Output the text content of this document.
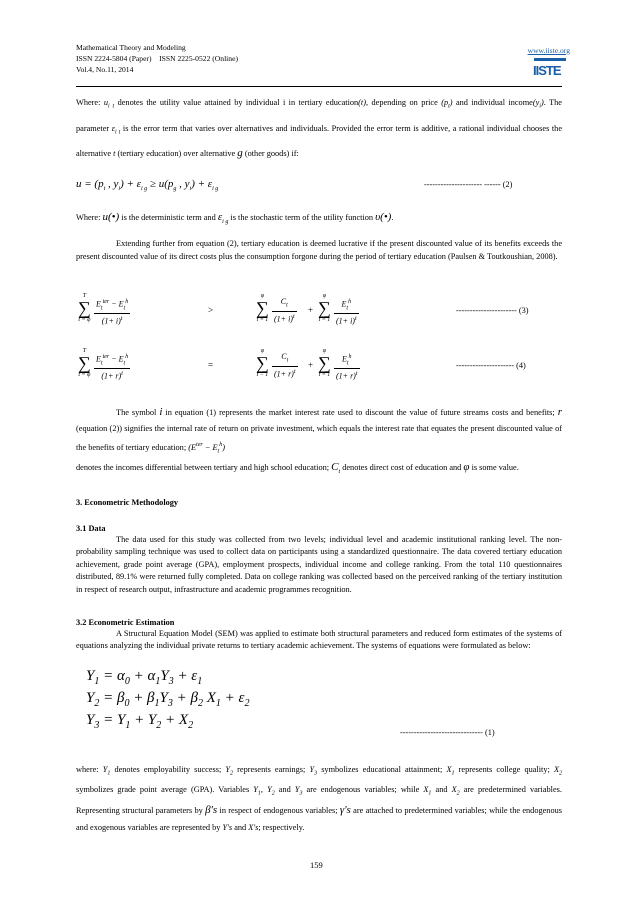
Mathematical Theory and Modeling
ISSN 2224-5804 (Paper)    ISSN 2225-0522 (Online)
Vol.4, No.11, 2014
www.iiste.org
IISTE
Where: $u_{i t}$ denotes the utility value attained by individual i in tertiary education(t), depending on price $(p_t)$ and individual $income(y_i)$. The parameter $\varepsilon_{i t}$ is the error term that varies over alternatives and individuals. Provided the error term is additive, a rational individual chooses the alternative t (tertiary education) over alternative g (other goods) if:
$u = (p_t$ , $y_i) + \varepsilon_{i g} \ge u(p_g$ , $y_i) + \varepsilon_{i g}$
--------------------- ------ (2)
Where: u(•) is the deterministic term and $\varepsilon_{i g}$ is the stochastic term of the utility function υ(•).
Extending further from equation (2), tertiary education is deemed lucrative if the present discounted value of its benefits exceeds the present discounted value of its direct costs plus the consumption forgone during the period of tertiary education (Paulsen & Toutkoushian, 2008).
T
∑
t = φ $\frac{E_t^{ter} - E_t^h}{(1+ i)^t}$	>
φ
∑
$t = 1 \frac{C_t}{(1+ i)^t}$ +
φ
∑
$t = 1 \frac{E_t^h}{(1+ i)^t}$	---------------------- (3)
T
∑
t = φ $\frac{E_t^{ter} - E_t^h}{(1+ r)^t}$	=
φ
∑
$t - 1 \frac{C_t}{(1+ r)^t}$ +
φ
∑
$t = 1 \frac{E_t^h}{(1+ r)^t}$	--------------------- (4)
The symbol i in equation (1) represents the market interest rate used to discount the value of future streams costs and benefits; r (equation (2)) signifies the internal rate of return on private investment, which equals the interest rate that equates the present discounted value of the benefits of tertiary education; $(E^{ter} - E_t^h)$
denotes the incomes differential between tertiary and high school education; $C_t$ denotes direct cost of education and φ is some value.
3. Econometric Methodology
3.1 Data
The data used for this study was collected from two levels; individual level and academic institutional ranking level. The non-probability sampling technique was used to collect data on participants using a standardized questionnaire. The data covered tertiary education achievement, grade point average (GPA), employment prospects, individual income and college ranking. From the total 110 questionnaires distributed, 89.1% were returned fully completed. Data on college ranking was collected based on the perceived ranking of the tertiary institution in respect of research output, infrastructure and academic programmes recognition.
3.2 Econometric Estimation
A Structural Equation Model (SEM) was applied to estimate both structural parameters and reduced form estimates of the systems of equations analyzing the individual private returns to tertiary academic achievement. The systems of equations were formulated as below:
$Y_1 = \alpha_0 + \alpha_1Y_3 + \varepsilon_1$
$Y_2 = \beta_0 + \beta_1Y_3 + \beta_2$ $X_1 + \varepsilon_2$
$Y_3 = Y_1 + Y_2 + X_2$
------------------------------ (1)
where: $Y_1$ denotes employability success; $Y_2$ represents earnings; $Y_3$ symbolizes educational attainment; $X_1$ represents college quality; $X_2$ symbolizes grade point average (GPA). Variables $Y_1$, $Y_2$ and $Y_3$ are endogenous variables; while $X_1$ and $X_2$ are predetermined variables. Representing structural parameters by β's in respect of endogenous variables; γ's are attached to predetermined variables; while the endogenous and exogenous variables are represented by Y's and X's; respectively.
159
